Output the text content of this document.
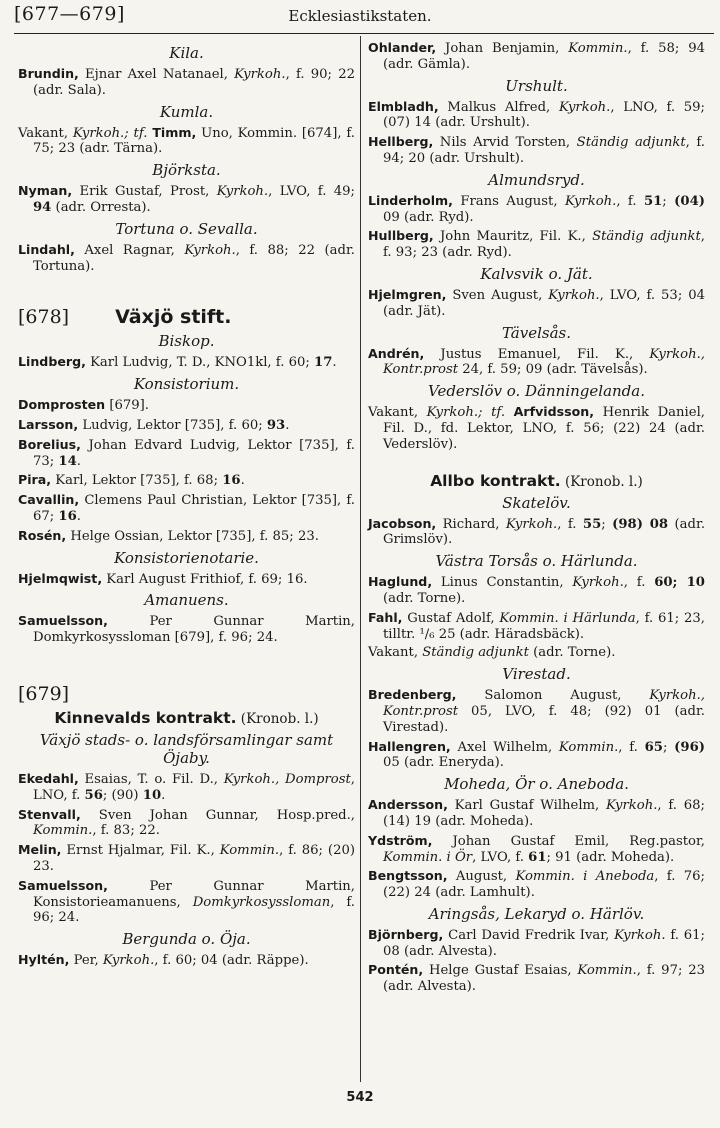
[677—679]	Ecklesiastikstaten.
Kila.
Brundin, Ejnar Axel Natanael, Kyrkoh., f. 90; 22 (adr. Sala).
Kumla.
Vakant, Kyrkoh.; tf. Timm, Uno, Kommin. [674], f. 75; 23 (adr. Tärna).
Björksta.
Nyman, Erik Gustaf, Prost, Kyrkoh., LVO, f. 49; 94 (adr. Orresta).
Tortuna o. Sevalla.
Lindahl, Axel Ragnar, Kyrkoh., f. 88; 22 (adr. Tortuna).
[678] Växjö stift.
Biskop.
Lindberg, Karl Ludvig, T. D., KNO1kl, f. 60; 17.
Konsistorium.
Domprosten [679].
Larsson, Ludvig, Lektor [735], f. 60; 93.
Borelius, Johan Edvard Ludvig, Lektor [735], f. 73; 14.
Pira, Karl, Lektor [735], f. 68; 16.
Cavallin, Clemens Paul Christian, Lektor [735], f. 67; 16.
Rosén, Helge Ossian, Lektor [735], f. 85; 23.
Konsistorienotarie.
Hjelmqwist, Karl August Frithiof, f. 69; 16.
Amanuens.
Samuelsson, Per Gunnar Martin, Domkyrkosyssloman [679], f. 96; 24.
[679]
Kinnevalds kontrakt. (Kronob. l.)
Växjö stads- o. landsförsamlingar samt Öjaby.
Ekedahl, Esaias, T. o. Fil. D., Kyrkoh., Domprost, LNO, f. 56; (90) 10.
Stenvall, Sven Johan Gunnar, Hosp.pred., Kommin., f. 83; 22.
Melin, Ernst Hjalmar, Fil. K., Kommin., f. 86; (20) 23.
Samuelsson, Per Gunnar Martin, Konsistorieamanuens, Domkyrkosyssloman, f. 96; 24.
Bergunda o. Öja.
Hyltén, Per, Kyrkoh., f. 60; 04 (adr. Räppe).
Ohlander, Johan Benjamin, Kommin., f. 58; 94 (adr. Gämla).
Urshult.
Elmbladh, Malkus Alfred, Kyrkoh., LNO, f. 59; (07) 14 (adr. Urshult).
Hellberg, Nils Arvid Torsten, Ständig adjunkt, f. 94; 20 (adr. Urshult).
Almundsryd.
Linderholm, Frans August, Kyrkoh., f. 51; (04) 09 (adr. Ryd).
Hullberg, John Mauritz, Fil. K., Ständig adjunkt, f. 93; 23 (adr. Ryd).
Kalvsvik o. Jät.
Hjelmgren, Sven August, Kyrkoh., LVO, f. 53; 04 (adr. Jät).
Tävelsås.
Andrén, Justus Emanuel, Fil. K., Kyrkoh., Kontr.prost 24, f. 59; 09 (adr. Tävelsås).
Vederslöv o. Dänningelanda.
Vakant, Kyrkoh.; tf. Arfvidsson, Henrik Daniel, Fil. D., fd. Lektor, LNO, f. 56; (22) 24 (adr. Vederslöv).
Allbo kontrakt. (Kronob. l.)
Skatelöv.
Jacobson, Richard, Kyrkoh., f. 55; (98) 08 (adr. Grimslöv).
Västra Torsås o. Härlunda.
Haglund, Linus Constantin, Kyrkoh., f. 60; 10 (adr. Torne).
Fahl, Gustaf Adolf, Kommin. i Härlunda, f. 61; 23, tilltr. ¹/₆ 25 (adr. Häradsbäck).
Vakant, Ständig adjunkt (adr. Torne).
Virestad.
Bredenberg, Salomon August, Kyrkoh., Kontr.prost 05, LVO, f. 48; (92) 01 (adr. Virestad).
Hallengren, Axel Wilhelm, Kommin., f. 65; (96) 05 (adr. Eneryda).
Moheda, Ör o. Aneboda.
Andersson, Karl Gustaf Wilhelm, Kyrkoh., f. 68; (14) 19 (adr. Moheda).
Ydström, Johan Gustaf Emil, Reg.pastor, Kommin. i Ör, LVO, f. 61; 91 (adr. Moheda).
Bengtsson, August, Kommin. i Aneboda, f. 76; (22) 24 (adr. Lamhult).
Aringsås, Lekaryd o. Härlöv.
Björnberg, Carl David Fredrik Ivar, Kyrkoh. f. 61; 08 (adr. Alvesta).
Pontén, Helge Gustaf Esaias, Kommin., f. 97; 23 (adr. Alvesta).
542
